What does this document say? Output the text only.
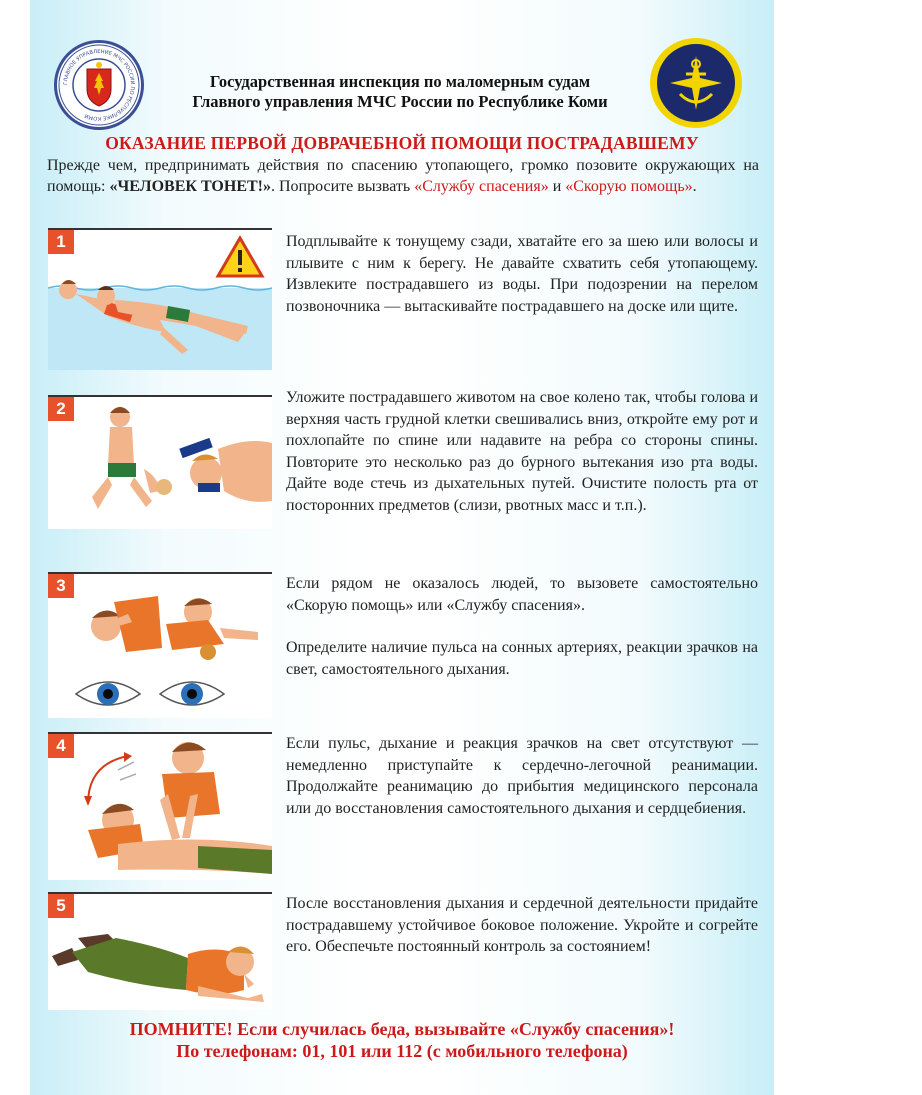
ГЛАВНОЕ УПРАВЛЕНИЕ МЧС РОССИИ ПО РЕСПУБЛИКЕ КОМИ
Государственная инспекция по маломерным судам
Главного управления МЧС России по Республике Коми
ОКАЗАНИЕ ПЕРВОЙ ДОВРАЧЕБНОЙ ПОМОЩИ ПОСТРАДАВШЕМУ
Прежде чем, предпринимать действия по спасению утопающего, громко позовите окружающих на помощь: «ЧЕЛОВЕК ТОНЕТ!». Попросите вызвать «Службу спасения» и «Скорую помощь».
1	Подплывайте к тонущему сзади, хватайте его за шею или волосы и плывите с ним к берегу. Не давайте схватить себя утопающему. Извлеките пострадавшего из воды. При подозрении на перелом позвоночника — вытаскивайте пострадавшего на доске или щите.
2
Уложите пострадавшего животом на свое колено так, чтобы голова и верхняя часть грудной клетки свешивались вниз, откройте ему рот и похлопайте по спине или надавите на ребра со стороны спины. Повторите это несколько раз до бурного вытекания изо рта воды. Дайте воде стечь из дыхательных путей. Очистите полость рта от посторонних предметов (слизи, рвотных масс и т.п.).
3	Если рядом не оказалось людей, то вызовете самостоятельно «Скорую помощь» или «Службу спасения».
Определите наличие пульса на сонных артериях, реакции зрачков на свет, самостоятельного дыхания.
4	Если пульс, дыхание и реакция зрачков на свет отсутствуют — немедленно приступайте к сердечно-легочной реанимации. Продолжайте реанимацию до прибытия медицинского персонала или до восстановления самостоятельного дыхания и сердцебиения.
5	После восстановления дыхания и сердечной деятельности придайте пострадавшему устойчивое боковое положение. Укройте и согрейте его. Обеспечьте постоянный контроль за состоянием!
ПОМНИТЕ! Если случилась беда, вызывайте «Службу спасения»!
По телефонам: 01, 101 или 112 (с мобильного телефона)
